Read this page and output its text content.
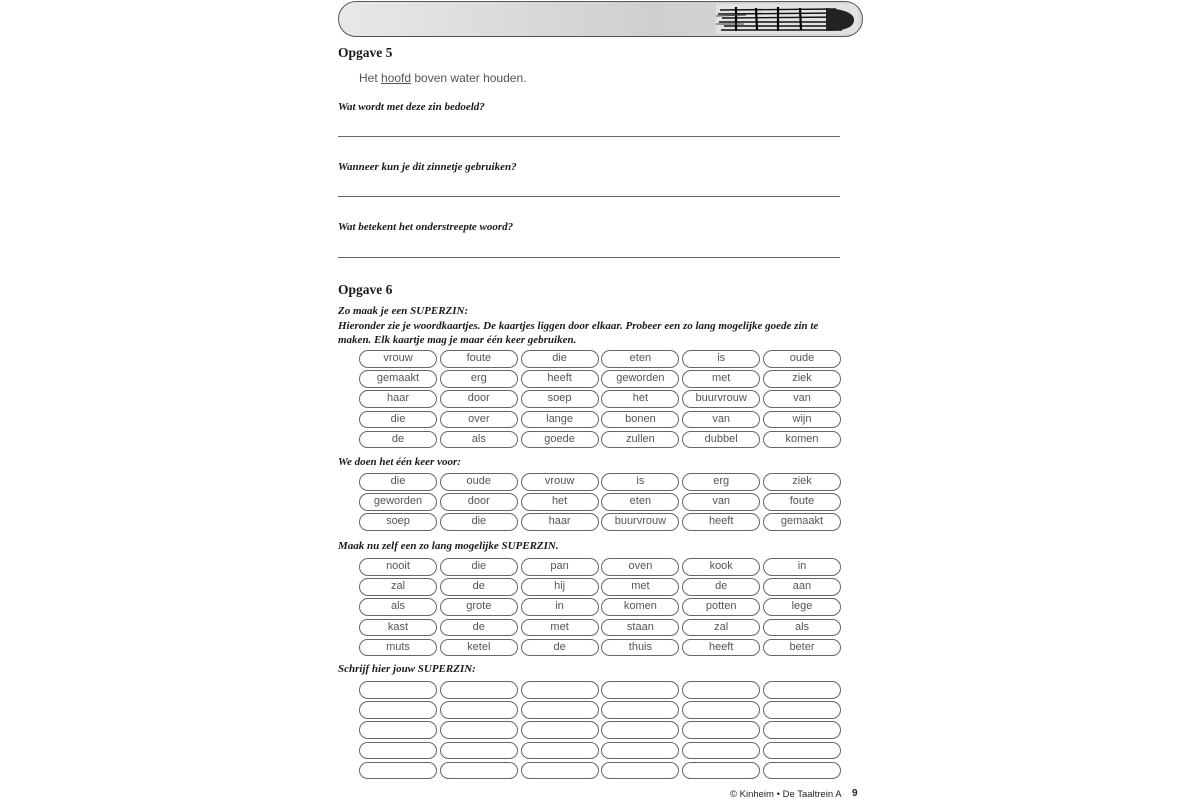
Opgave 5
Het hoofd boven water houden.
Wat wordt met deze zin bedoeld?
Wanneer kun je dit zinnetje gebruiken?
Wat betekent het onderstreepte woord?
Opgave 6
Zo maak je een SUPERZIN:
Hieronder zie je woordkaartjes. De kaartjes liggen door elkaar. Probeer een zo lang mogelijke goede zin te maken. Elk kaartje mag je maar één keer gebruiken.
vrouw	foute	die	eten	is	oude
gemaakt	erg	heeft	geworden	met	ziek
haar	door	soep	het	buurvrouw	van
die	over	lange	bonen	van	wijn
de	als	goede	zullen	dubbel	komen
We doen het één keer voor:
die	oude	vrouw	is	erg	ziek
geworden	door	het	eten	van	foute
soep	die	haar	buurvrouw	heeft	gemaakt
Maak nu zelf een zo lang mogelijke SUPERZIN.
nooit	die	pan	oven	kook	in
zal	de	hij	met	de	aan
als	grote	in	komen	potten	lege
kast	de	met	staan	zal	als
muts	ketel	de	thuis	heeft	beter
Schrijf hier jouw SUPERZIN:
© Kinheim • De Taaltrein A 9
